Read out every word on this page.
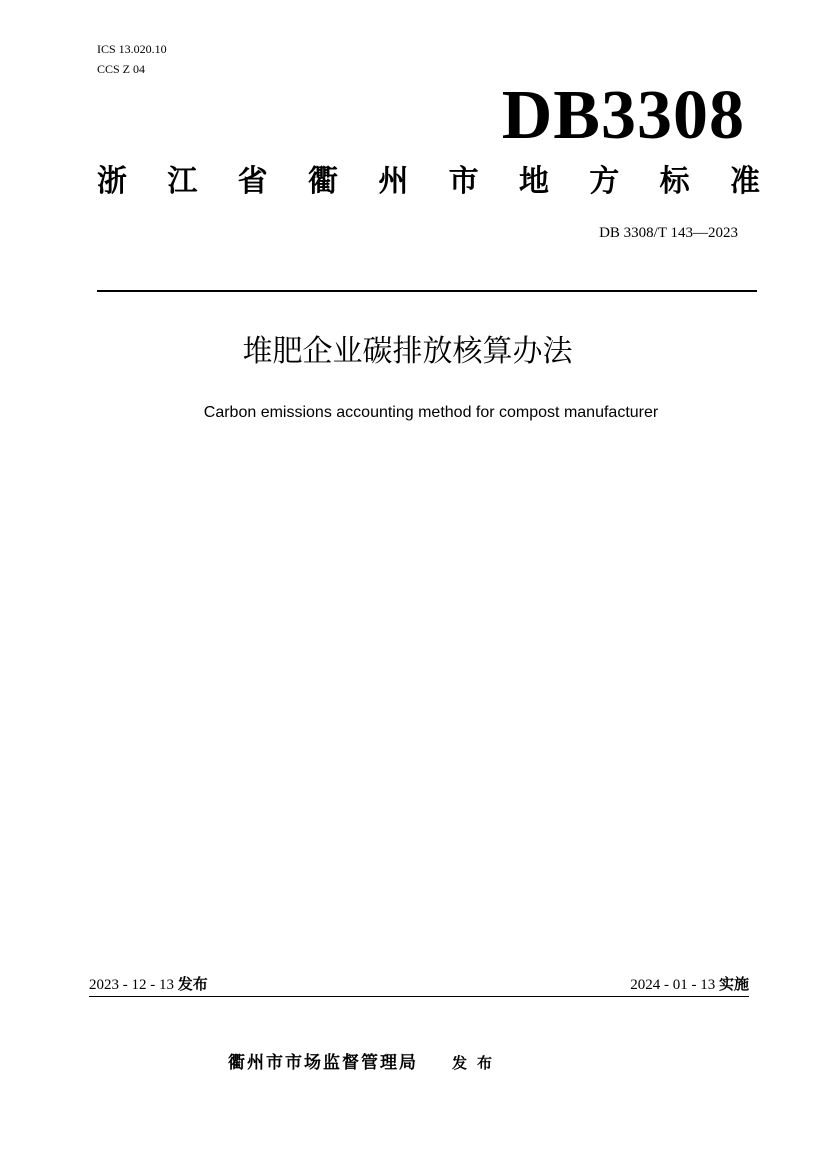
ICS 13.020.10
CCS Z 04
DB3308
浙 江 省 衢 州 市 地 方 标 准
DB 3308/T 143—2023
堆肥企业碳排放核算办法
Carbon emissions accounting method for compost manufacturer
2023 - 12 - 13 发布	2024 - 01 - 13 实施
衢州市市场监督管理局 发布
